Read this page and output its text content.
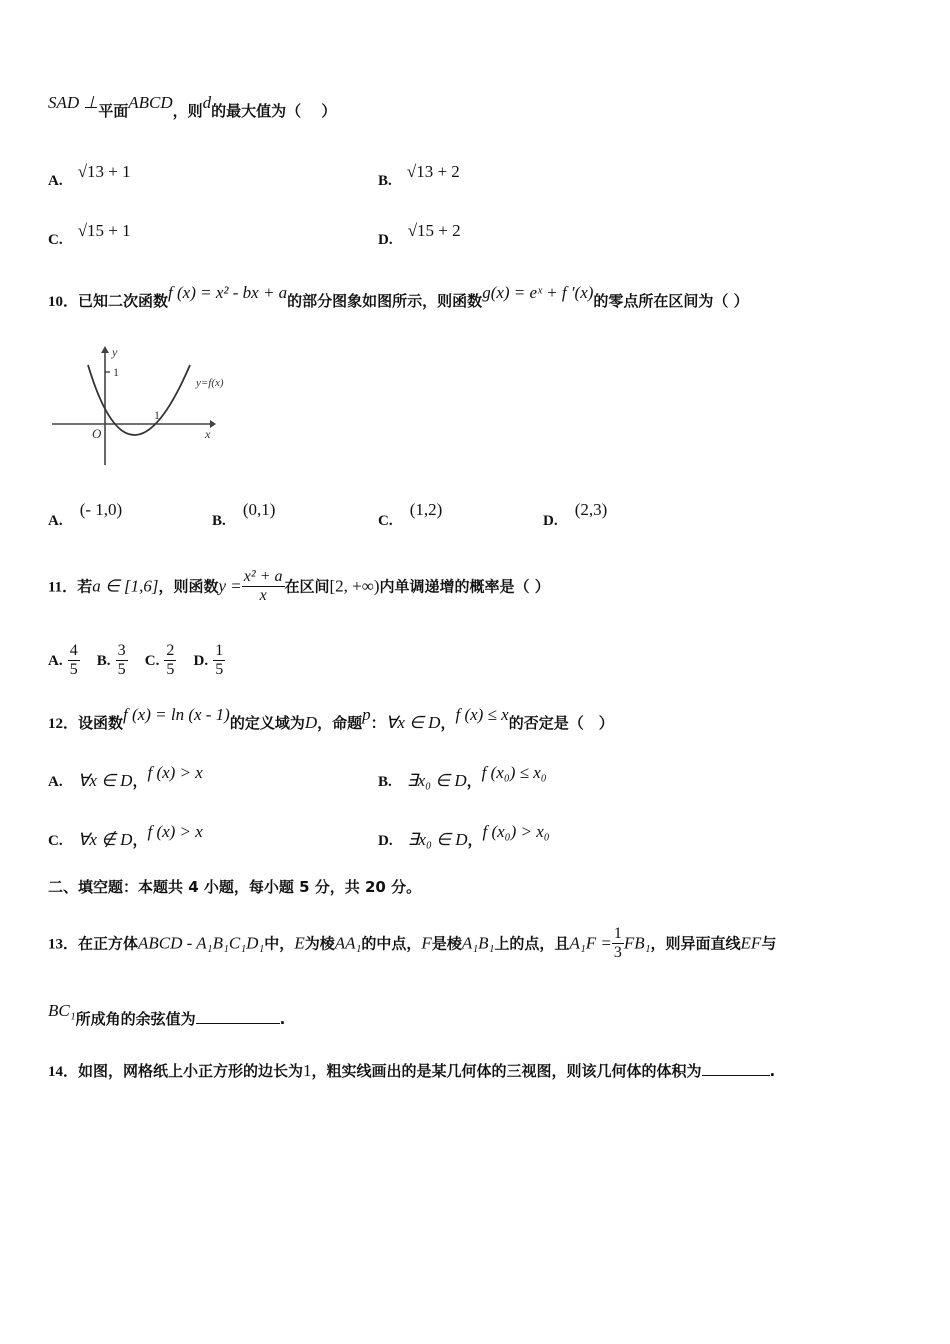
SAD ⊥平面ABCD，则d的最大值为（　 ）
A. √13 + 1	B. √13 + 2
C. √15 + 1	D. √15 + 2
10．已知二次函数f (x) = x² - bx + a的部分图象如图所示，则函数g(x) = eˣ + f ′(x)的零点所在区间为（ ）
y
x
O
1
1
y=f(x)
A. (- 1,0)
B. (0,1)
C. (1,2)
D. (2,3)
11．若a ∈ [1,6]，则函数$y = \frac{\text{x² + a}}{x}$ 在区间[2, +∞)内单调递增的概率是（ ）
A. $\frac{4}{5} B$. $\frac{3}{5} C$. $\frac{2}{5} D$. $\frac{1}{5}$
12．设函数f (x) = ln (x - 1)的定义域为D，命题p：∀x ∈ D，f (x) ≤ x的否定是（　）
A. ∀x ∈ D，f (x) > x	B. ∃x₀ ∈ D，f (x₀) ≤ x₀
C. ∀x ∉ D，f (x) > x	D. ∃x₀ ∈ D，f (x₀) > x₀
二、填空题：本题共 4 小题，每小题 5 分，共 20 分。
13．在正方体ABCD - A₁B₁C₁D₁中，E为棱AA₁的中点，F是棱A₁B₁上的点，且$A_1F = \frac{1}{3} FB_1$，则异面直线EF与
BC₁所成角的余弦值为	.
14．如图，网格纸上小正方形的边长为1，粗实线画出的是某几何体的三视图，则该几何体的体积为	.
